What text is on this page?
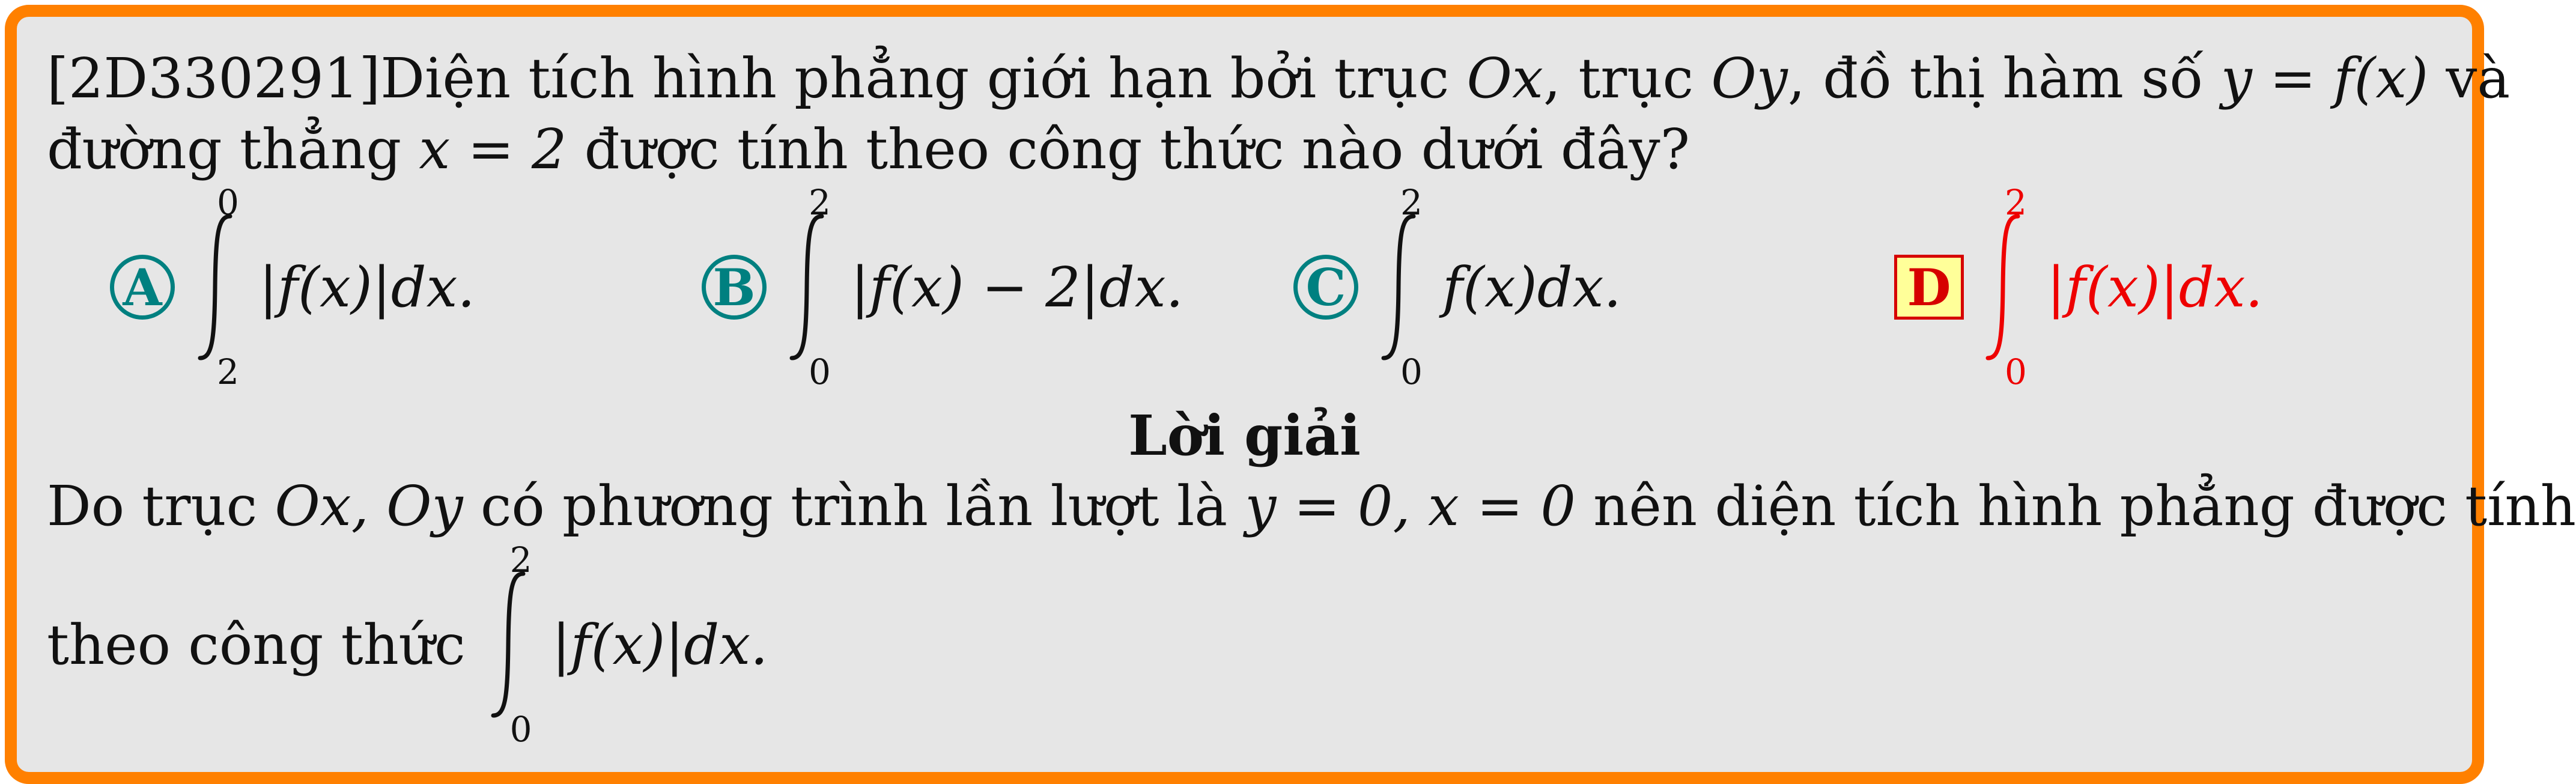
[2D330291]Diện tích hình phẳng giới hạn bởi trục Ox, trục Oy, đồ thị hàm số y = f(x) và
đường thẳng x = 2 được tính theo công thức nào dưới đây?
A
0
2
|f(x)|dx.	B
2
0
|f(x) − 2|dx. C
2
0
f(x)dx.	D
2
0
|f(x)|dx.
Lời giải
Do trục Ox, Oy có phương trình lần lượt là y = 0, x = 0 nên diện tích hình phẳng được tính
theo công thức
2
0
|f(x)|dx.
